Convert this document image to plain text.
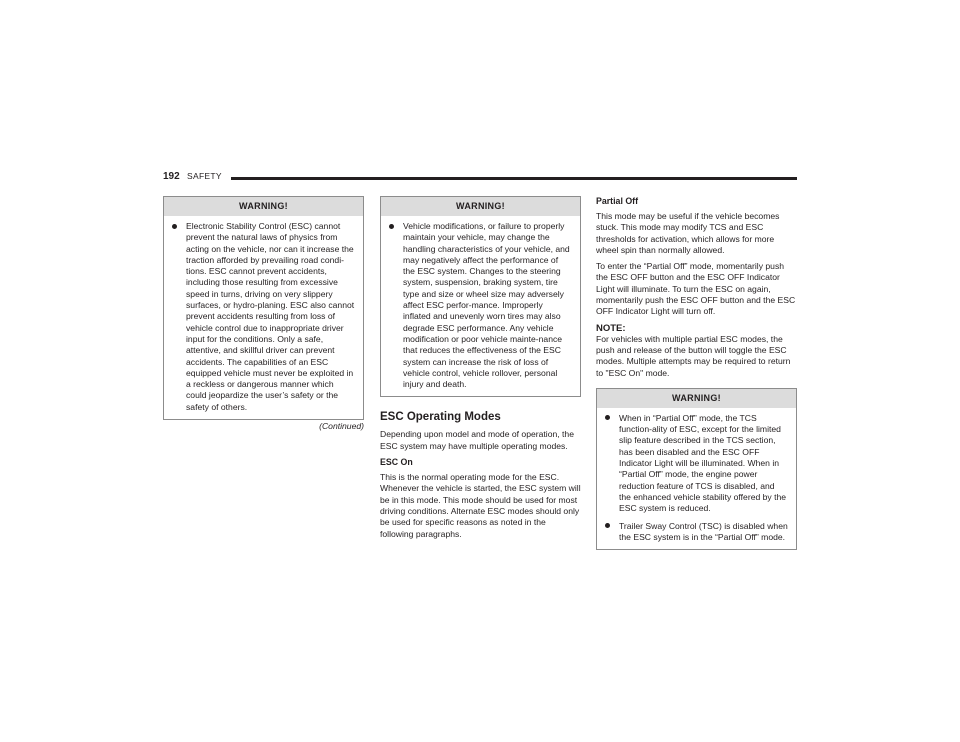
192 SAFETY
WARNING!
Electronic Stability Control (ESC) cannot prevent the natural laws of physics from acting on the vehicle, nor can it increase the traction afforded by prevailing road condi-tions. ESC cannot prevent accidents, including those resulting from excessive speed in turns, driving on very slippery surfaces, or hydro-planing. ESC also cannot prevent accidents resulting from loss of vehicle control due to inappropriate driver input for the conditions. Only a safe, attentive, and skillful driver can prevent accidents. The capabilities of an ESC equipped vehicle must never be exploited in a reckless or dangerous manner which could jeopardize the user’s safety or the safety of others.
(Continued)
WARNING!
Vehicle modifications, or failure to properly maintain your vehicle, may change the handling characteristics of your vehicle, and may negatively affect the performance of the ESC system. Changes to the steering system, suspension, braking system, tire type and size or wheel size may adversely affect ESC perfor-mance. Improperly inflated and unevenly worn tires may also degrade ESC performance. Any vehicle modification or poor vehicle mainte-nance that reduces the effectiveness of the ESC system can increase the risk of loss of vehicle control, vehicle rollover, personal injury and death.
ESC Operating Modes

Depending upon model and mode of operation, the ESC system may have multiple operating modes.

ESC On

This is the normal operating mode for the ESC. Whenever the vehicle is started, the ESC system will be in this mode. This mode should be used for most driving conditions. Alternate ESC modes should only be used for specific reasons as noted in the following paragraphs.

Partial Off

This mode may be useful if the vehicle becomes stuck. This mode may modify TCS and ESC thresholds for activation, which allows for more wheel spin than normally allowed.

To enter the “Partial Off” mode, momentarily push the ESC OFF button and the ESC OFF Indicator Light will illuminate. To turn the ESC on again, momentarily push the ESC OFF button and the ESC OFF Indicator Light will turn off.

NOTE:

For vehicles with multiple partial ESC modes, the push and release of the button will toggle the ESC modes. Multiple attempts may be required to return to "ESC On" mode.

WARNING!
When in “Partial Off” mode, the TCS function-ality of ESC, except for the limited slip feature described in the TCS section, has been disabled and the ESC OFF Indicator Light will be illuminated. When in “Partial Off” mode, the engine power reduction feature of TCS is disabled, and the enhanced vehicle stability offered by the ESC system is reduced.
Trailer Sway Control (TSC) is disabled when the ESC system is in the “Partial Off” mode.
